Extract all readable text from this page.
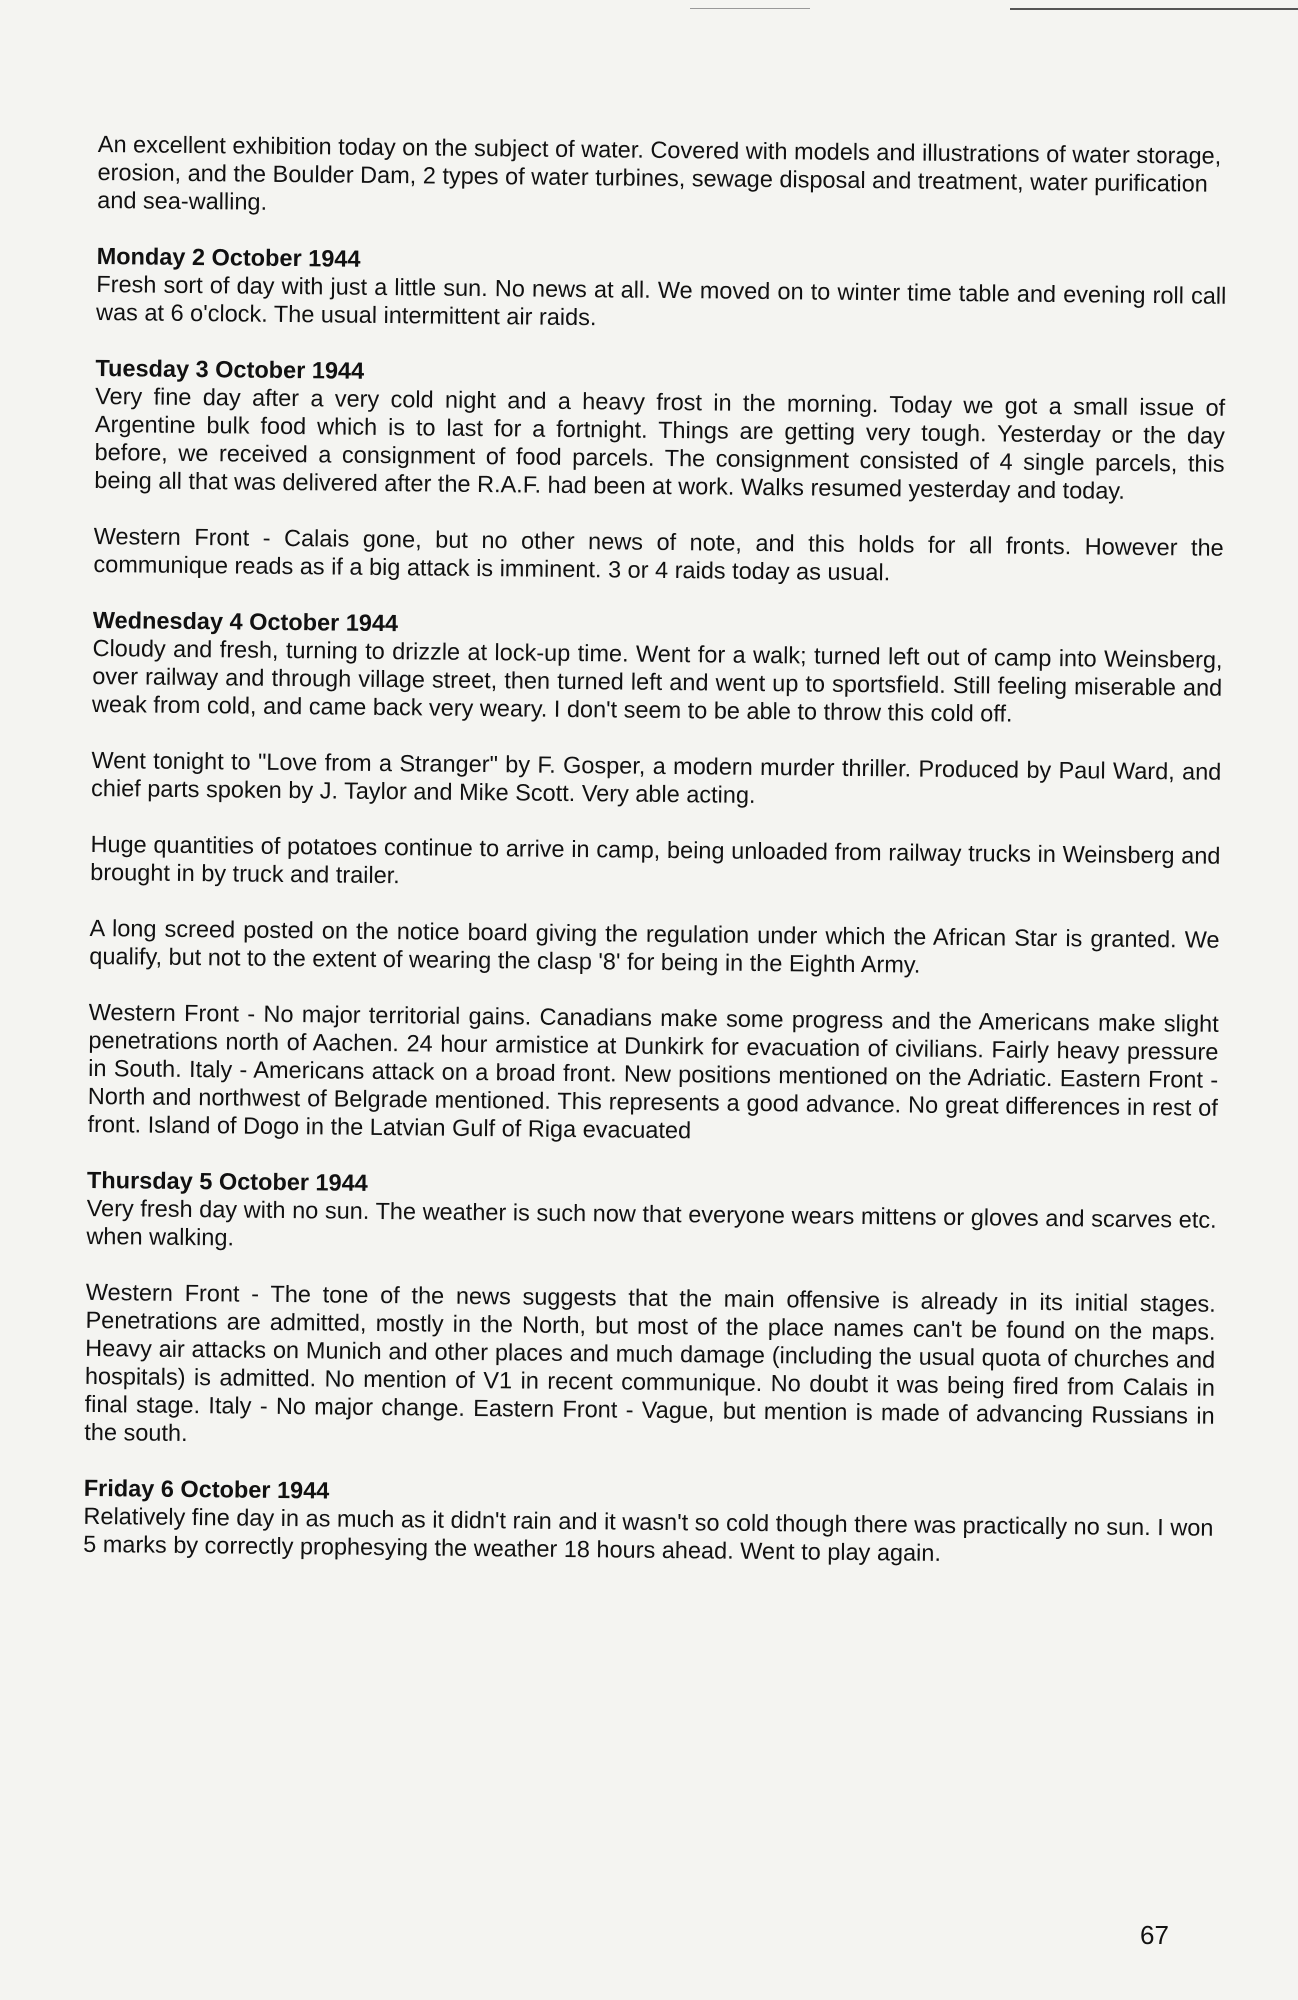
An excellent exhibition today on the subject of water. Covered with models and illustrations of water storage, erosion, and the Boulder Dam, 2 types of water turbines, sewage disposal and treatment, water purification and sea-walling.

Monday 2 October 1944

Fresh sort of day with just a little sun. No news at all. We moved on to winter time table and evening roll call was at 6 o'clock. The usual intermittent air raids.

Tuesday 3 October 1944

Very fine day after a very cold night and a heavy frost in the morning. Today we got a small issue of Argentine bulk food which is to last for a fortnight. Things are getting very tough. Yesterday or the day before, we received a consignment of food parcels. The consignment consisted of 4 single parcels, this being all that was delivered after the R.A.F. had been at work. Walks resumed yesterday and today.

Western Front - Calais gone, but no other news of note, and this holds for all fronts. However the communique reads as if a big attack is imminent. 3 or 4 raids today as usual.

Wednesday 4 October 1944

Cloudy and fresh, turning to drizzle at lock-up time. Went for a walk; turned left out of camp into Weinsberg, over railway and through village street, then turned left and went up to sportsfield. Still feeling miserable and weak from cold, and came back very weary. I don't seem to be able to throw this cold off.

Went tonight to "Love from a Stranger" by F. Gosper, a modern murder thriller. Produced by Paul Ward, and chief parts spoken by J. Taylor and Mike Scott. Very able acting.

Huge quantities of potatoes continue to arrive in camp, being unloaded from railway trucks in Weinsberg and brought in by truck and trailer.

A long screed posted on the notice board giving the regulation under which the African Star is granted. We qualify, but not to the extent of wearing the clasp '8' for being in the Eighth Army.

Western Front - No major territorial gains. Canadians make some progress and the Americans make slight penetrations north of Aachen. 24 hour armistice at Dunkirk for evacuation of civilians. Fairly heavy pressure in South. Italy - Americans attack on a broad front. New positions mentioned on the Adriatic. Eastern Front - North and northwest of Belgrade mentioned. This represents a good advance. No great differences in rest of front. Island of Dogo in the Latvian Gulf of Riga evacuated

Thursday 5 October 1944

Very fresh day with no sun. The weather is such now that everyone wears mittens or gloves and scarves etc. when walking.

Western Front - The tone of the news suggests that the main offensive is already in its initial stages. Penetrations are admitted, mostly in the North, but most of the place names can't be found on the maps. Heavy air attacks on Munich and other places and much damage (including the usual quota of churches and hospitals) is admitted. No mention of V1 in recent communique. No doubt it was being fired from Calais in final stage. Italy - No major change. Eastern Front - Vague, but mention is made of advancing Russians in the south.

Friday 6 October 1944

Relatively fine day in as much as it didn't rain and it wasn't so cold though there was practically no sun. I won 5 marks by correctly prophesying the weather 18 hours ahead. Went to play again.

67
